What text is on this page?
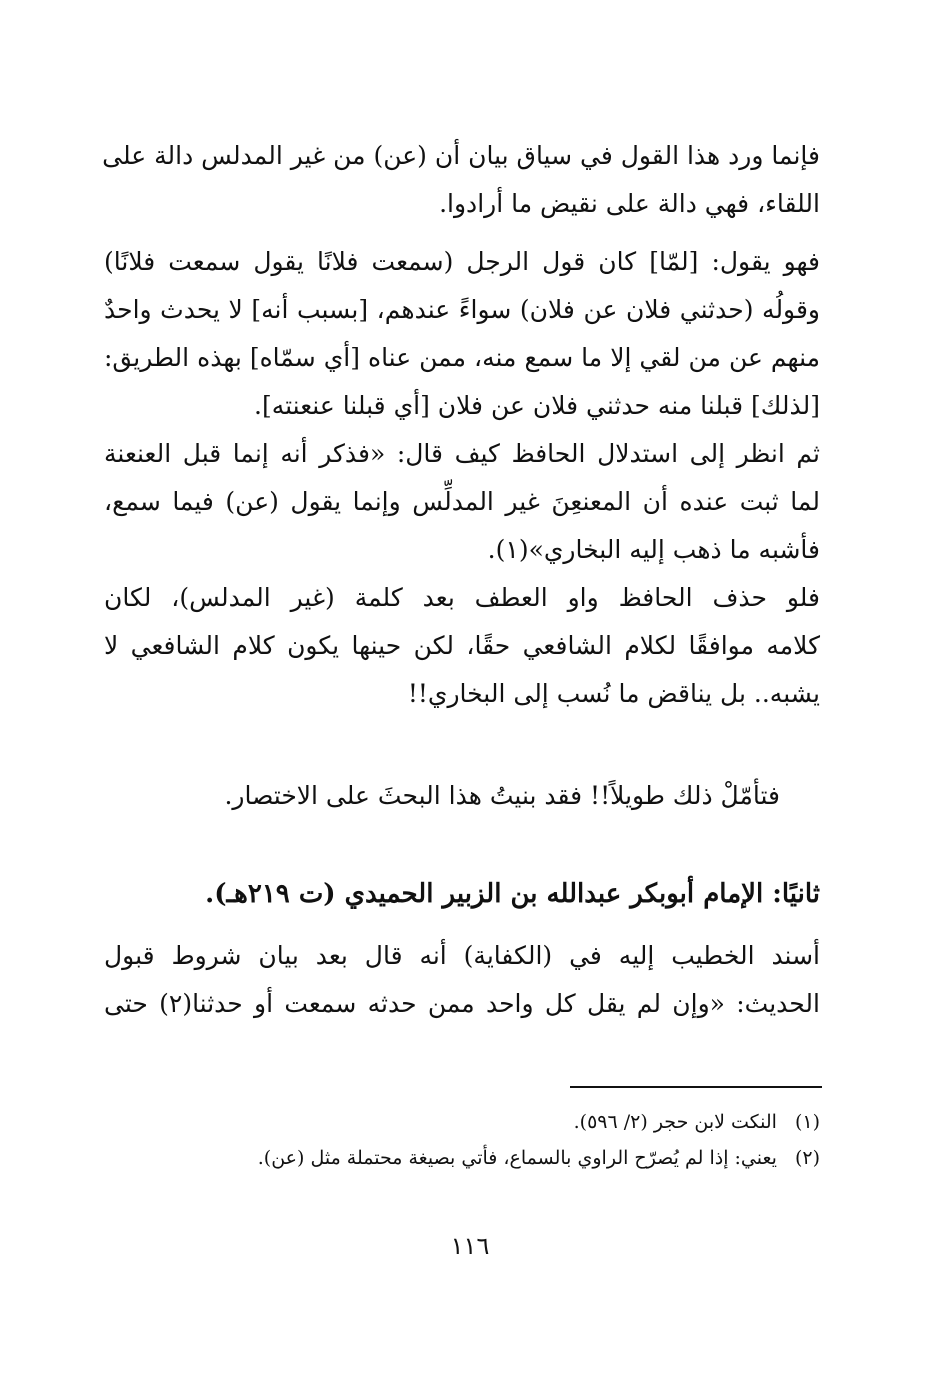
فإنما ورد هذا القول في سياق بيان أن (عن) من غير المدلس دالة على
اللقاء، فهي دالة على نقيض ما أرادوا.
فهو يقول: [لمّا] كان قول الرجل (سمعت فلانًا يقول سمعت فلانًا)
وقولُه (حدثني فلان عن فلان) سواءً عندهم، [بسبب أنه] لا يحدث واحدٌ
منهم عن من لقي إلا ما سمع منه، ممن عناه [أي سمّاه] بهذه الطريق:
[لذلك] قبلنا منه حدثني فلان عن فلان [أي قبلنا عنعنته].
ثم انظر إلى استدلال الحافظ كيف قال: «فذكر أنه إنما قبل العنعنة
لما ثبت عنده أن المعنعِنَ غير المدلِّس وإنما يقول (عن) فيما سمع،
فأشبه ما ذهب إليه البخاري»(١).
فلو حذف الحافظ واو العطف بعد كلمة (غير المدلس)، لكان
كلامه موافقًا لكلام الشافعي حقًا، لكن حينها يكون كلام الشافعي لا
يشبه.. بل يناقض ما نُسب إلى البخاري!!
فتأمّلْ ذلك طويلاً!! فقد بنيتُ هذا البحثَ على الاختصار.
ثانيًا: الإمام أبوبكر عبدالله بن الزبير الحميدي (ت ٢١٩هـ).
أسند الخطيب إليه في (الكفاية) أنه قال بعد بيان شروط قبول
الحديث: «وإن لم يقل كل واحد ممن حدثه سمعت أو حدثنا(٢) حتى
(١)النكت لابن حجر (٢/ ٥٩٦).
(٢)يعني: إذا لم يُصرّح الراوي بالسماع، فأتي بصيغة محتملة مثل (عن).
١١٦
